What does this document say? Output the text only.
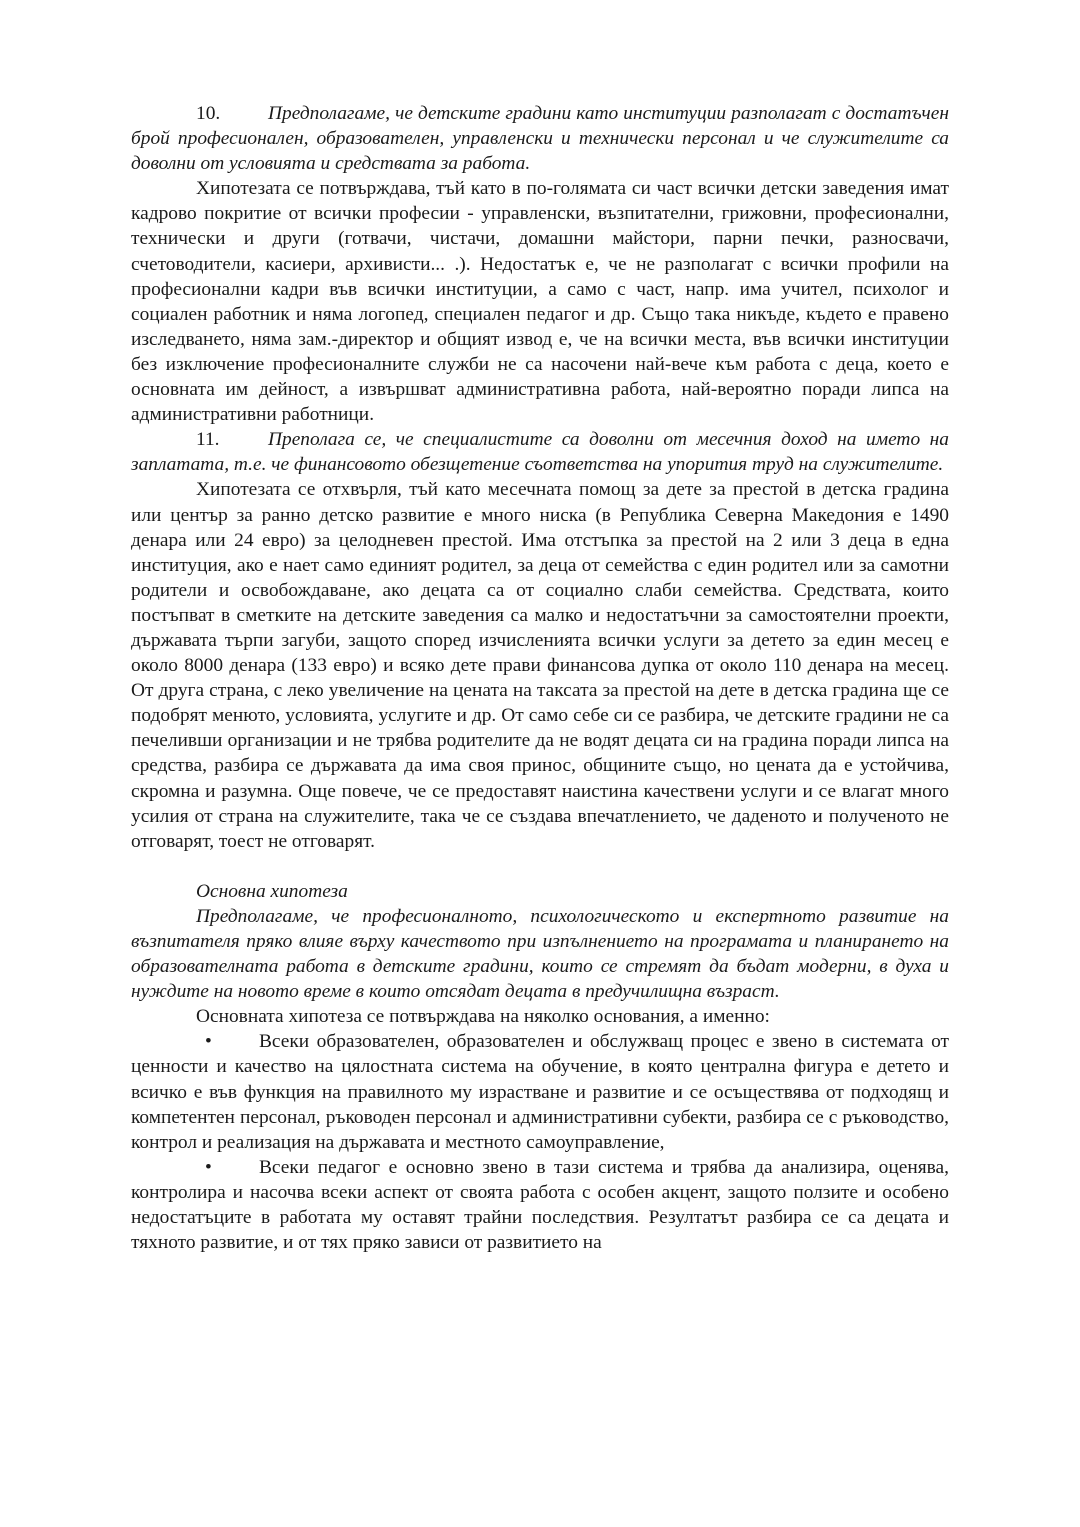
10. Предполагаме, че детските градини като институции разполагат с достатъчен брой професионален, образователен, управленски и технически персонал и че служителите са доволни от условията и средствата за работа.

Хипотезата се потвърждава, тъй като в по-голямата си част всички детски заведения имат кадрово покритие от всички професии - управленски, възпитателни, грижовни, професионални, технически и други (готвачи, чистачи, домашни майстори, парни печки, разносвачи, счетоводители, касиери, архивисти... .). Недостатък е, че не разполагат с всички профили на професионални кадри във всички институции, а само с част, напр. има учител, психолог и социален работник и няма логопед, специален педагог и др. Също така никъде, където е правено изследването, няма зам.-директор и общият извод е, че на всички места, във всички институции без изключение професионалните служби не са насочени най-вече към работа с деца, което е основната им дейност, а извършват административна работа, най-вероятно поради липса на административни работници.

11. Преполага се, че специалистите са доволни от месечния доход на името на заплатата, т.е. че финансовото обезщетение съответства на упорития труд на служителите.

Хипотезата се отхвърля, тъй като месечната помощ за дете за престой в детска градина или център за ранно детско развитие е много ниска (в Република Северна Македония е 1490 денара или 24 евро) за целодневен престой. Има отстъпка за престой на 2 или 3 деца в една институция, ако е нает само единият родител, за деца от семейства с един родител или за самотни родители и освобождаване, ако децата са от социално слаби семейства. Средствата, които постъпват в сметките на детските заведения са малко и недостатъчни за самостоятелни проекти, държавата търпи загуби, защото според изчисленията всички услуги за детето за един месец е около 8000 денара (133 евро) и всяко дете прави финансова дупка от около 110 денара на месец. От друга страна, с леко увеличение на цената на таксата за престой на дете в детска градина ще се подобрят менюто, условията, услугите и др. От само себе си се разбира, че детските градини не са печеливши организации и не трябва родителите да не водят децата си на градина поради липса на средства, разбира се държавата да има своя принос, общините също, но цената да е устойчива, скромна и разумна. Още повече, че се предоставят наистина качествени услуги и се влагат много усилия от страна на служителите, така че се създава впечатлението, че даденото и полученото не отговарят, тоест не отговарят.

Основна хипотеза

Предполагаме, че професионалното, психологическото и експертното развитие на възпитателя пряко влияе върху качеството при изпълнението на програмата и планирането на образователната работа в детските градини, които се стремят да бъдат модерни, в духа и нуждите на новото време в които отсядат децата в предучилищна възраст.

Основната хипотеза се потвърждава на няколко основания, а именно:

• Всеки образователен, образователен и обслужващ процес е звено в системата от ценности и качество на цялостната система на обучение, в която централна фигура е детето и всичко е във функция на правилното му израстване и развитие и се осъществява от подходящ и компетентен персонал, ръководен персонал и административни субекти, разбира се с ръководство, контрол и реализация на държавата и местното самоуправление,

• Всеки педагог е основно звено в тази система и трябва да анализира, оценява, контролира и насочва всеки аспект от своята работа с особен акцент, защото ползите и особено недостатъците в работата му оставят трайни последствия. Резултатът разбира се са децата и тяхното развитие, и от тях пряко зависи от развитието на
